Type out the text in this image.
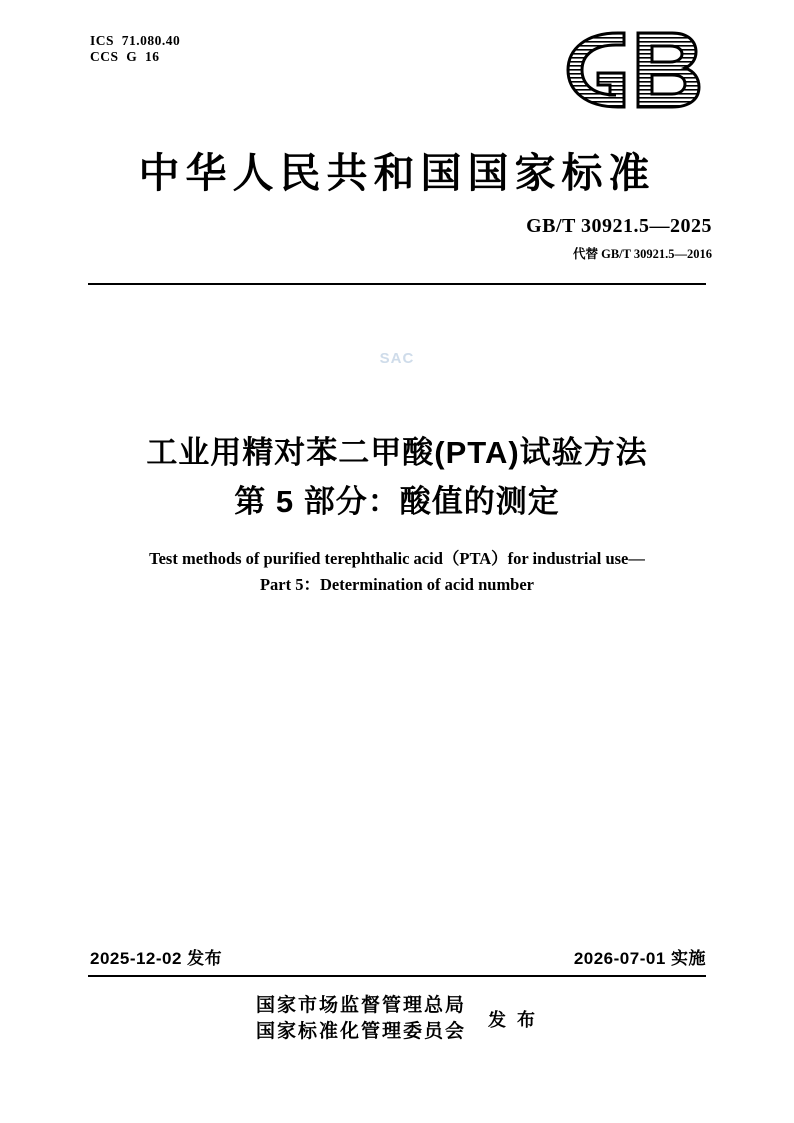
ICS  71.080.40
CCS  G  16
中华人民共和国国家标准
GB/T 30921.5—2025
代替 GB/T 30921.5—2016
SAC
工业用精对苯二甲酸(PTA)试验方法
第 5 部分：酸值的测定
Test methods of purified terephthalic acid（PTA）for industrial use—
Part 5：Determination of acid number
2025-12-02 发布	2026-07-01 实施
国家市场监督管理总局
国家标准化管理委员会
发 布
